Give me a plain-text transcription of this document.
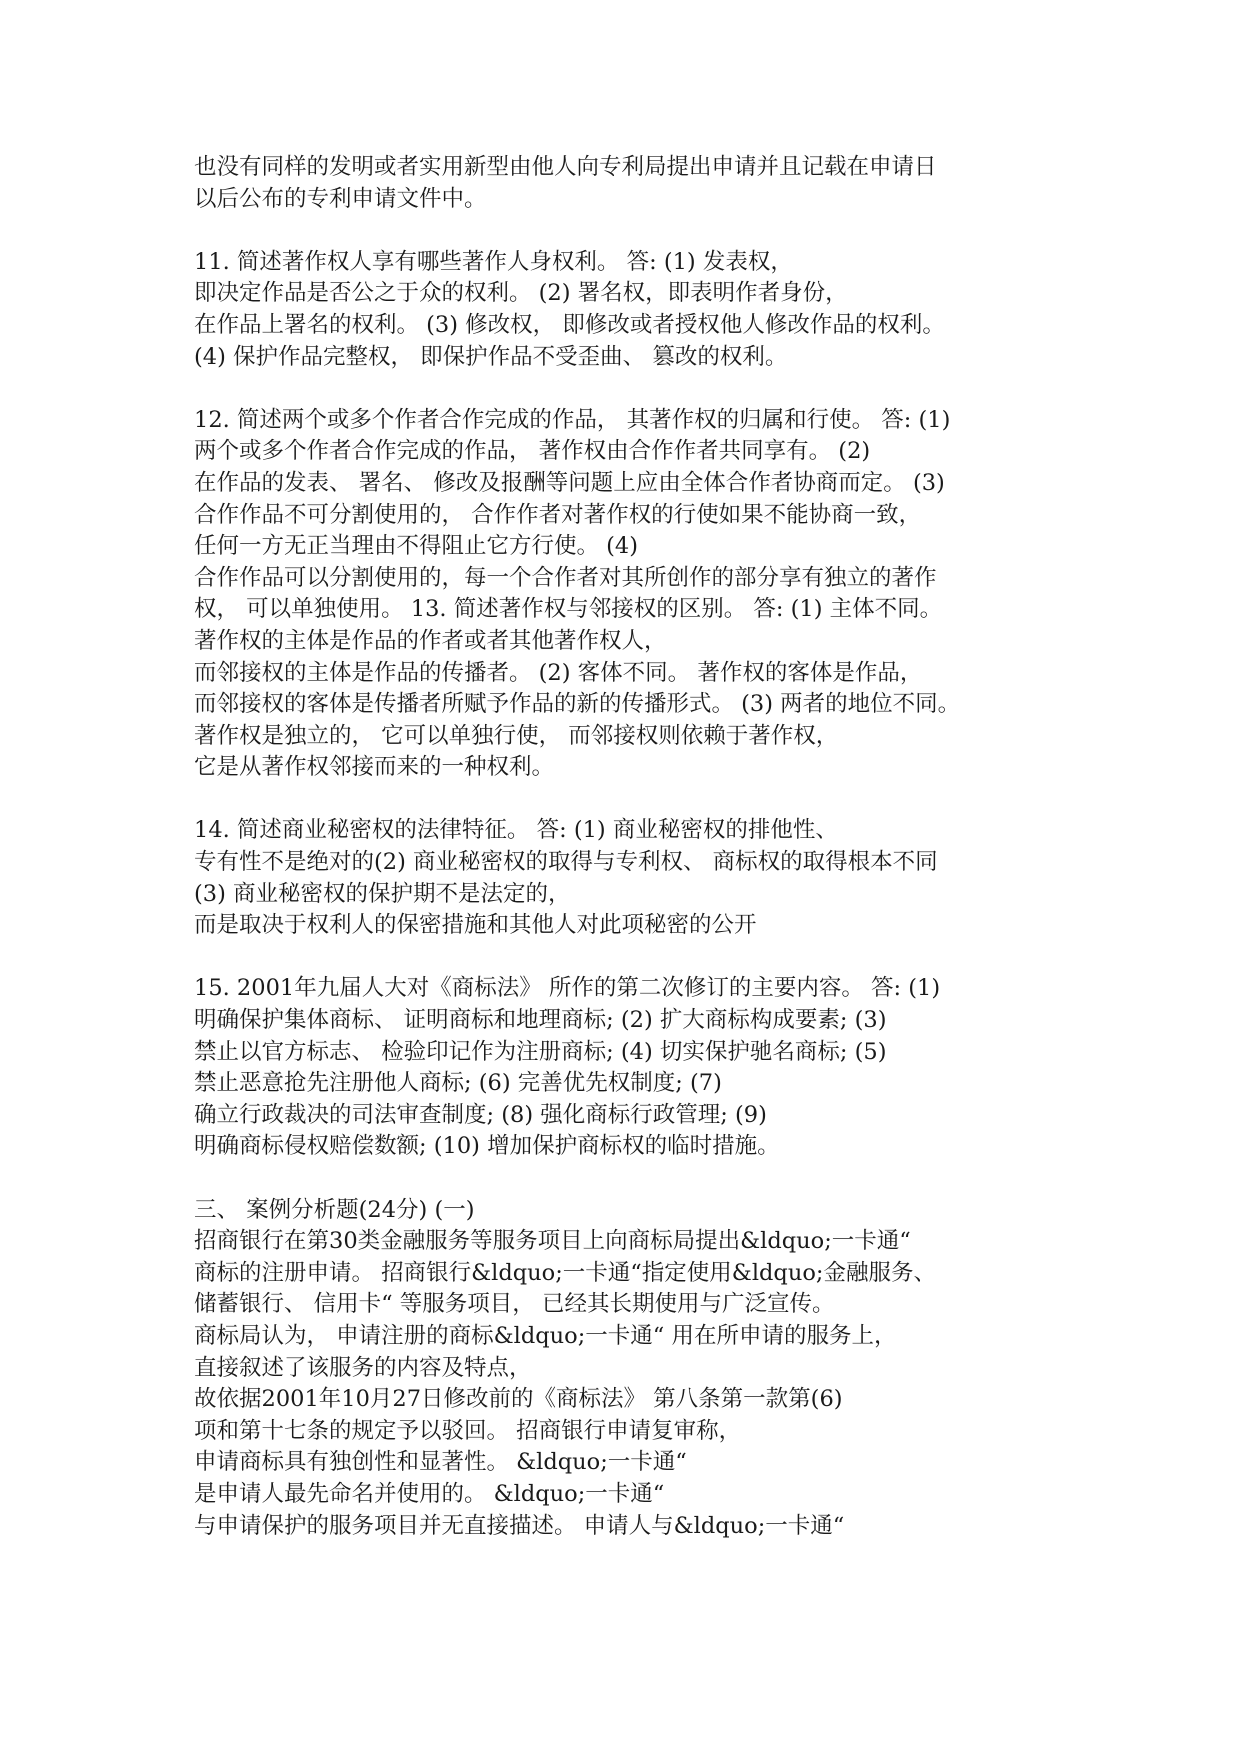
也没有同样的发明或者实用新型由他人向专利局提出申请并且记载在申请日
以后公布的专利申请文件中。
11. 简述著作权人享有哪些著作人身权利。 答: (1) 发表权，
即决定作品是否公之于众的权利。 (2) 署名权，即表明作者身份，
在作品上署名的权利。 (3) 修改权， 即修改或者授权他人修改作品的权利。
(4) 保护作品完整权， 即保护作品不受歪曲、 篡改的权利。
12. 简述两个或多个作者合作完成的作品， 其著作权的归属和行使。 答: (1)
两个或多个作者合作完成的作品， 著作权由合作作者共同享有。 (2)
在作品的发表、 署名、 修改及报酬等问题上应由全体合作者协商而定。 (3)
合作作品不可分割使用的， 合作作者对著作权的行使如果不能协商一致，
任何一方无正当理由不得阻止它方行使。 (4)
合作作品可以分割使用的，每一个合作者对其所创作的部分享有独立的著作
权， 可以单独使用。 13. 简述著作权与邻接权的区别。 答: (1) 主体不同。
著作权的主体是作品的作者或者其他著作权人，
而邻接权的主体是作品的传播者。 (2) 客体不同。 著作权的客体是作品，
而邻接权的客体是传播者所赋予作品的新的传播形式。 (3) 两者的地位不同。
著作权是独立的， 它可以单独行使， 而邻接权则依赖于著作权，
它是从著作权邻接而来的一种权利。
14. 简述商业秘密权的法律特征。 答: (1) 商业秘密权的排他性、
专有性不是绝对的(2) 商业秘密权的取得与专利权、 商标权的取得根本不同
(3) 商业秘密权的保护期不是法定的，
而是取决于权利人的保密措施和其他人对此项秘密的公开
15. 2001年九届人大对《商标法》 所作的第二次修订的主要内容。 答: (1)
明确保护集体商标、 证明商标和地理商标; (2) 扩大商标构成要素; (3)
禁止以官方标志、 检验印记作为注册商标; (4) 切实保护驰名商标; (5)
禁止恶意抢先注册他人商标; (6) 完善优先权制度; (7)
确立行政裁决的司法审查制度; (8) 强化商标行政管理; (9)
明确商标侵权赔偿数额; (10) 增加保护商标权的临时措施。
三、 案例分析题(24分) (一)
招商银行在第30类金融服务等服务项目上向商标局提出&ldquo;一卡通“
商标的注册申请。 招商银行&ldquo;一卡通“指定使用&ldquo;金融服务、
储蓄银行、 信用卡“ 等服务项目， 已经其长期使用与广泛宣传。
商标局认为， 申请注册的商标&ldquo;一卡通“ 用在所申请的服务上，
直接叙述了该服务的内容及特点，
故依据2001年10月27日修改前的《商标法》 第八条第一款第(6)
项和第十七条的规定予以驳回。 招商银行申请复审称，
申请商标具有独创性和显著性。 &ldquo;一卡通“
是申请人最先命名并使用的。 &ldquo;一卡通“
与申请保护的服务项目并无直接描述。 申请人与&ldquo;一卡通“
